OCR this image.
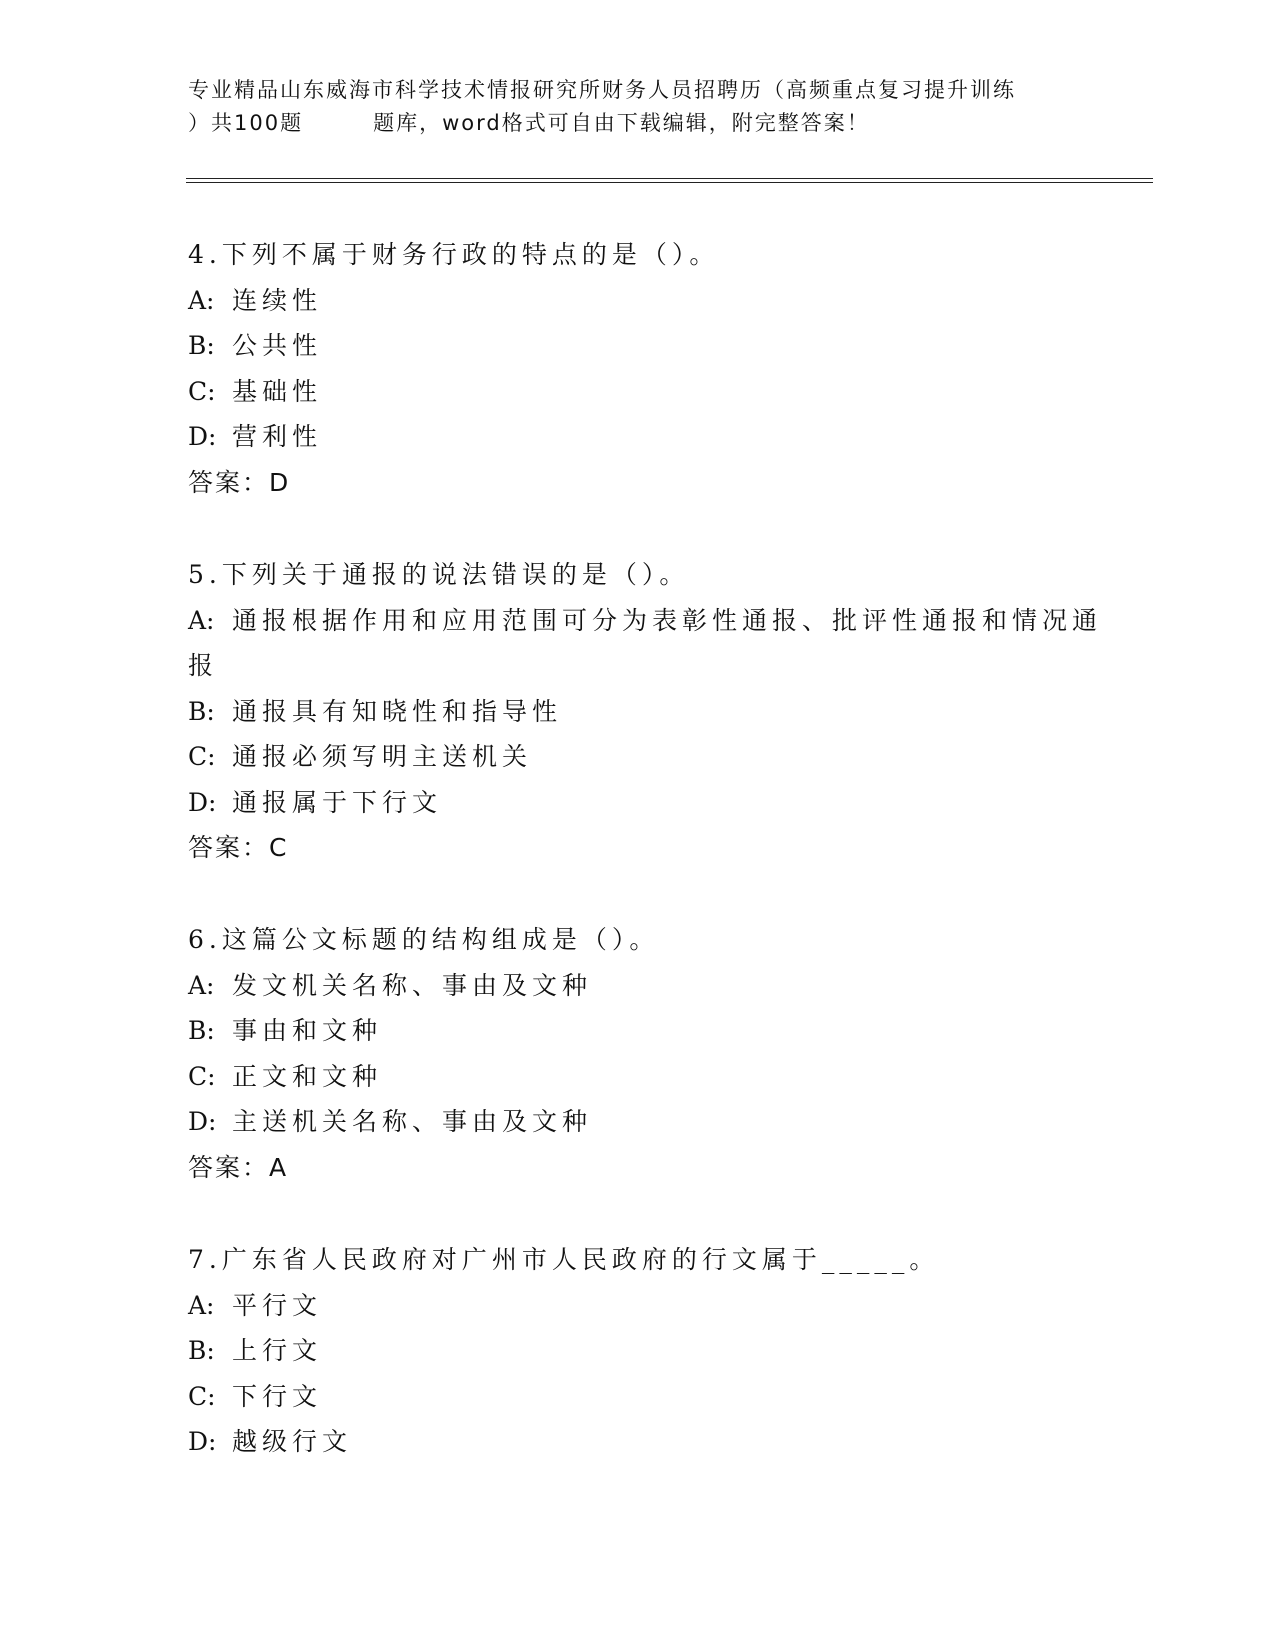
专业精品山东威海市科学技术情报研究所财务人员招聘历（高频重点复习提升训练
）共100题	题库，word格式可自由下载编辑，附完整答案！
4.下列不属于财务行政的特点的是（）。
A: 连续性
B: 公共性
C: 基础性
D: 营利性
答案：D
5.下列关于通报的说法错误的是（）。
A: 通报根据作用和应用范围可分为表彰性通报、批评性通报和情况通
报
B: 通报具有知晓性和指导性
C: 通报必须写明主送机关
D: 通报属于下行文
答案：C
6.这篇公文标题的结构组成是（）。
A: 发文机关名称、事由及文种
B: 事由和文种
C: 正文和文种
D: 主送机关名称、事由及文种
答案：A
7.广东省人民政府对广州市人民政府的行文属于_____。
A: 平行文
B: 上行文
C: 下行文
D: 越级行文
